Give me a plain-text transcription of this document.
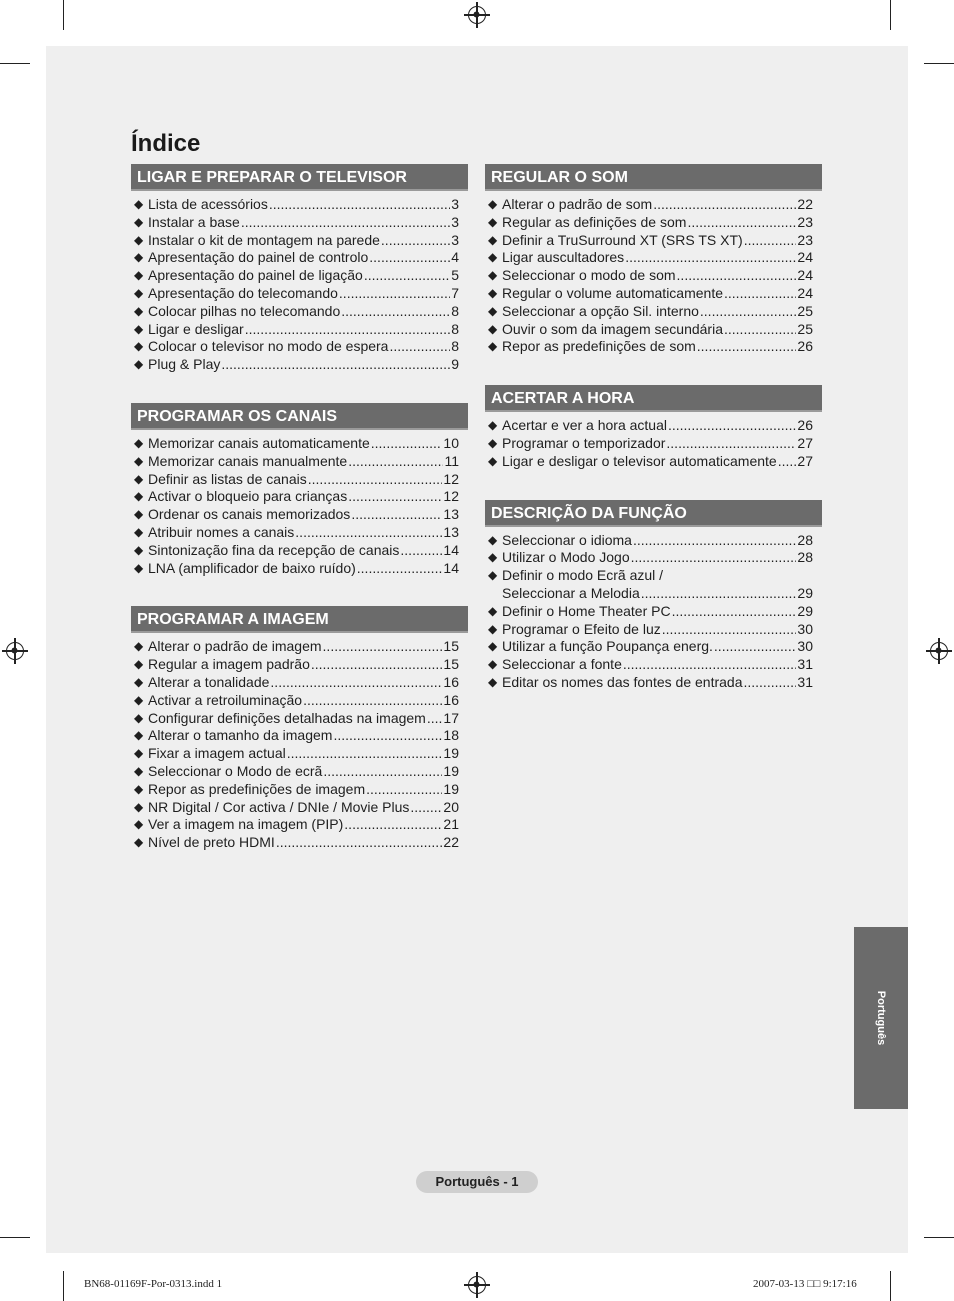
Índice
LIGAR E PREPARAR O TELEVISOR
◆ Lista de acessórios .....	3
◆ Instalar a base .....	3
◆ Instalar o kit de montagem na parede .....	3
◆ Apresentação do painel de controlo .....	4
◆ Apresentação do painel de ligação .....	5
◆ Apresentação do telecomando .....	7
◆ Colocar pilhas no telecomando .....	8
◆ Ligar e desligar .....	8
◆ Colocar o televisor no modo de espera .....	8
◆ Plug & Play .....	9
PROGRAMAR OS CANAIS
◆ Memorizar canais automaticamente .....	10
◆ Memorizar canais manualmente .....	11
◆ Definir as listas de canais .....	12
◆ Activar o bloqueio para crianças .....	12
◆ Ordenar os canais memorizados .....	13
◆ Atribuir nomes a canais .....	13
◆ Sintonização fina da recepção de canais .....	14
◆ LNA (amplificador de baixo ruído) .....	14
PROGRAMAR A IMAGEM
◆ Alterar o padrão de imagem .....	15
◆ Regular a imagem padrão .....	15
◆ Alterar a tonalidade .....	16
◆ Activar a retroiluminação .....	16
◆ Configurar definições detalhadas na imagem ..... 17
◆ Alterar o tamanho da imagem .....	18
◆ Fixar a imagem actual .....	19
◆ Seleccionar o Modo de ecrã .....	19
◆ Repor as predefinições de imagem .....	19
◆ NR Digital / Cor activa / DNIe / Movie Plus ..... 20
◆ Ver a imagem na imagem (PIP) .....	21
◆ Nível de preto HDMI .....	22
REGULAR O SOM
◆ Alterar o padrão de som .....	22
◆ Regular as definições de som .....	23
◆ Definir a TruSurround XT (SRS TS XT) .....	23
◆ Ligar auscultadores .....	24
◆ Seleccionar o modo de som .....	24
◆ Regular o volume automaticamente .....	24
◆ Seleccionar a opção Sil. interno .....	25
◆ Ouvir o som da imagem secundária .....	25
◆ Repor as predefinições de som .....	26
ACERTAR A HORA
◆ Acertar e ver a hora actual .....	26
◆ Programar o temporizador .....	27
◆ Ligar e desligar o televisor automaticamente ..... 27
DESCRIÇÃO DA FUNÇÃO
◆ Seleccionar o idioma .....	28
◆ Utilizar o Modo Jogo .....	28
◆ Definir o modo Ecrã azul /
Seleccionar a Melodia .....	29
◆ Definir o Home Theater PC .....	29
◆ Programar o Efeito de luz .....	30
◆ Utilizar a função Poupança energ. .....	30
◆ Seleccionar a fonte .....	31
◆ Editar os nomes das fontes de entrada .....	31
Português
Português - 1
BN68-01169F-Por-0313.indd 1	2007-03-13 □□ 9:17:16
